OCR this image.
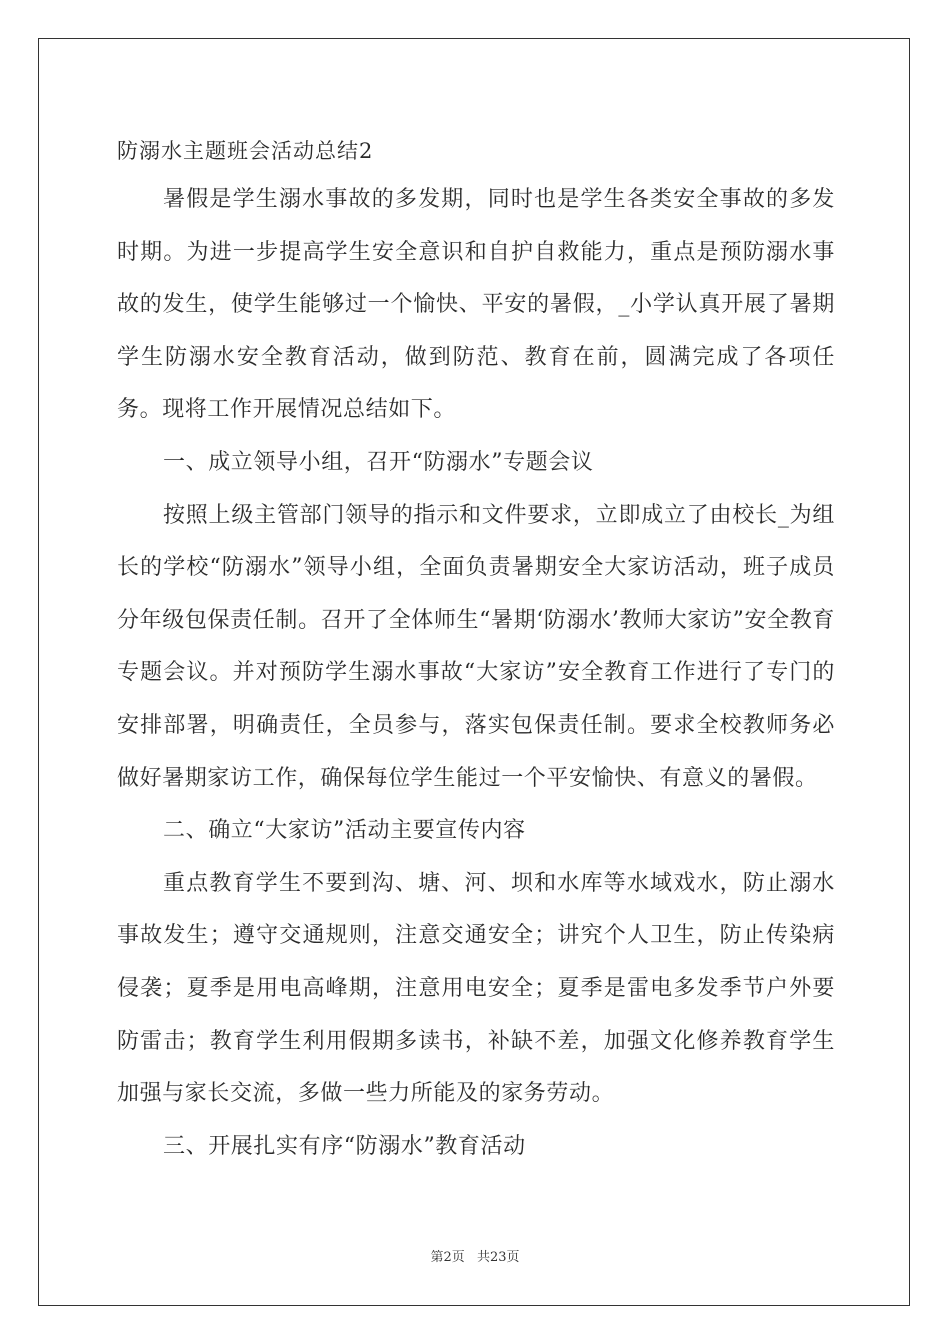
防溺水主题班会活动总结2

暑假是学生溺水事故的多发期，同时也是学生各类安全事故的多发时期。为进一步提高学生安全意识和自护自救能力，重点是预防溺水事故的发生，使学生能够过一个愉快、平安的暑假，_小学认真开展了暑期学生防溺水安全教育活动，做到防范、教育在前，圆满完成了各项任务。现将工作开展情况总结如下。

一、成立领导小组，召开“防溺水”专题会议

按照上级主管部门领导的指示和文件要求，立即成立了由校长_为组长的学校“防溺水”领导小组，全面负责暑期安全大家访活动，班子成员分年级包保责任制。召开了全体师生“暑期‘防溺水’教师大家访”安全教育专题会议。并对预防学生溺水事故“大家访”安全教育工作进行了专门的安排部署，明确责任，全员参与，落实包保责任制。要求全校教师务必做好暑期家访工作，确保每位学生能过一个平安愉快、有意义的暑假。

二、确立“大家访”活动主要宣传内容

重点教育学生不要到沟、塘、河、坝和水库等水域戏水，防止溺水事故发生；遵守交通规则，注意交通安全；讲究个人卫生，防止传染病侵袭；夏季是用电高峰期，注意用电安全；夏季是雷电多发季节户外要防雷击；教育学生利用假期多读书，补缺不差，加强文化修养教育学生加强与家长交流，多做一些力所能及的家务劳动。

三、开展扎实有序“防溺水”教育活动

第2页 共23页
